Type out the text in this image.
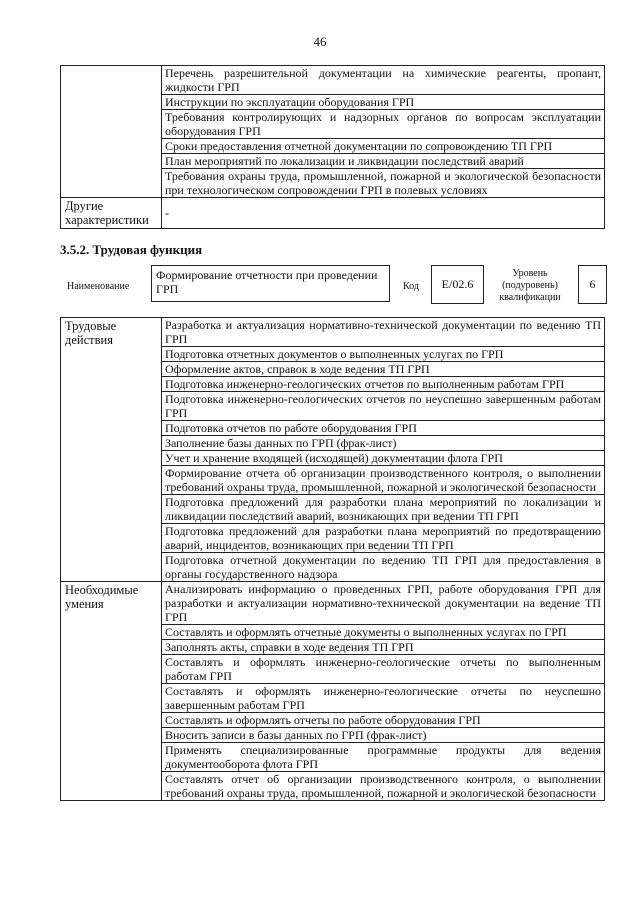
46
	Перечень разрешительной документации на химические реагенты, пропант, жидкости ГРП
	Инструкции по эксплуатации оборудования ГРП
	Требования контролирующих и надзорных органов по вопросам эксплуатации оборудования ГРП
	Сроки предоставления отчетной документации по сопровождению ТП ГРП
	План мероприятий по локализации и ликвидации последствий аварий
	Требования охраны труда, промышленной, пожарной и экологической безопасности при технологическом сопровождении ГРП в полевых условиях
Другие характеристики	-
3.5.2. Трудовая функция
Наименование
Формирование отчетности при проведении ГРП	Код	E/02.6
Уровень (подуровень) квалификации
6
Трудовые действия	Разработка и актуализация нормативно-технической документации по ведению ТП ГРП
	Подготовка отчетных документов о выполненных услугах по ГРП
	Оформление актов, справок в ходе ведения ТП ГРП
	Подготовка инженерно-геологических отчетов по выполненным работам ГРП
	Подготовка инженерно-геологических отчетов по неуспешно завершенным работам ГРП
	Подготовка отчетов по работе оборудования ГРП
	Заполнение базы данных по ГРП (фрак-лист)
	Учет и хранение входящей (исходящей) документации флота ГРП
	Формирование отчета об организации производственного контроля, о выполнении требований охраны труда, промышленной, пожарной и экологической безопасности
	Подготовка предложений для разработки плана мероприятий по локализации и ликвидации последствий аварий, возникающих при ведении ТП ГРП
	Подготовка предложений для разработки плана мероприятий по предотвращению аварий, инцидентов, возникающих при ведении ТП ГРП
	Подготовка отчетной документации по ведению ТП ГРП для предоставления в органы государственного надзора
Необходимые умения	Анализировать информацию о проведенных ГРП, работе оборудования ГРП для разработки и актуализации нормативно-технической документации на ведение ТП ГРП
	Составлять и оформлять отчетные документы о выполненных услугах по ГРП
	Заполнять акты, справки в ходе ведения ТП ГРП
	Составлять и оформлять инженерно-геологические отчеты по выполненным работам ГРП
	Составлять и оформлять инженерно-геологические отчеты по неуспешно завершенным работам ГРП
	Составлять и оформлять отчеты по работе оборудования ГРП
	Вносить записи в базы данных по ГРП (фрак-лист)
	Применять специализированные программные продукты для ведения документооборота флота ГРП
	Составлять отчет об организации производственного контроля, о выполнении требований охраны труда, промышленной, пожарной и экологической безопасности
